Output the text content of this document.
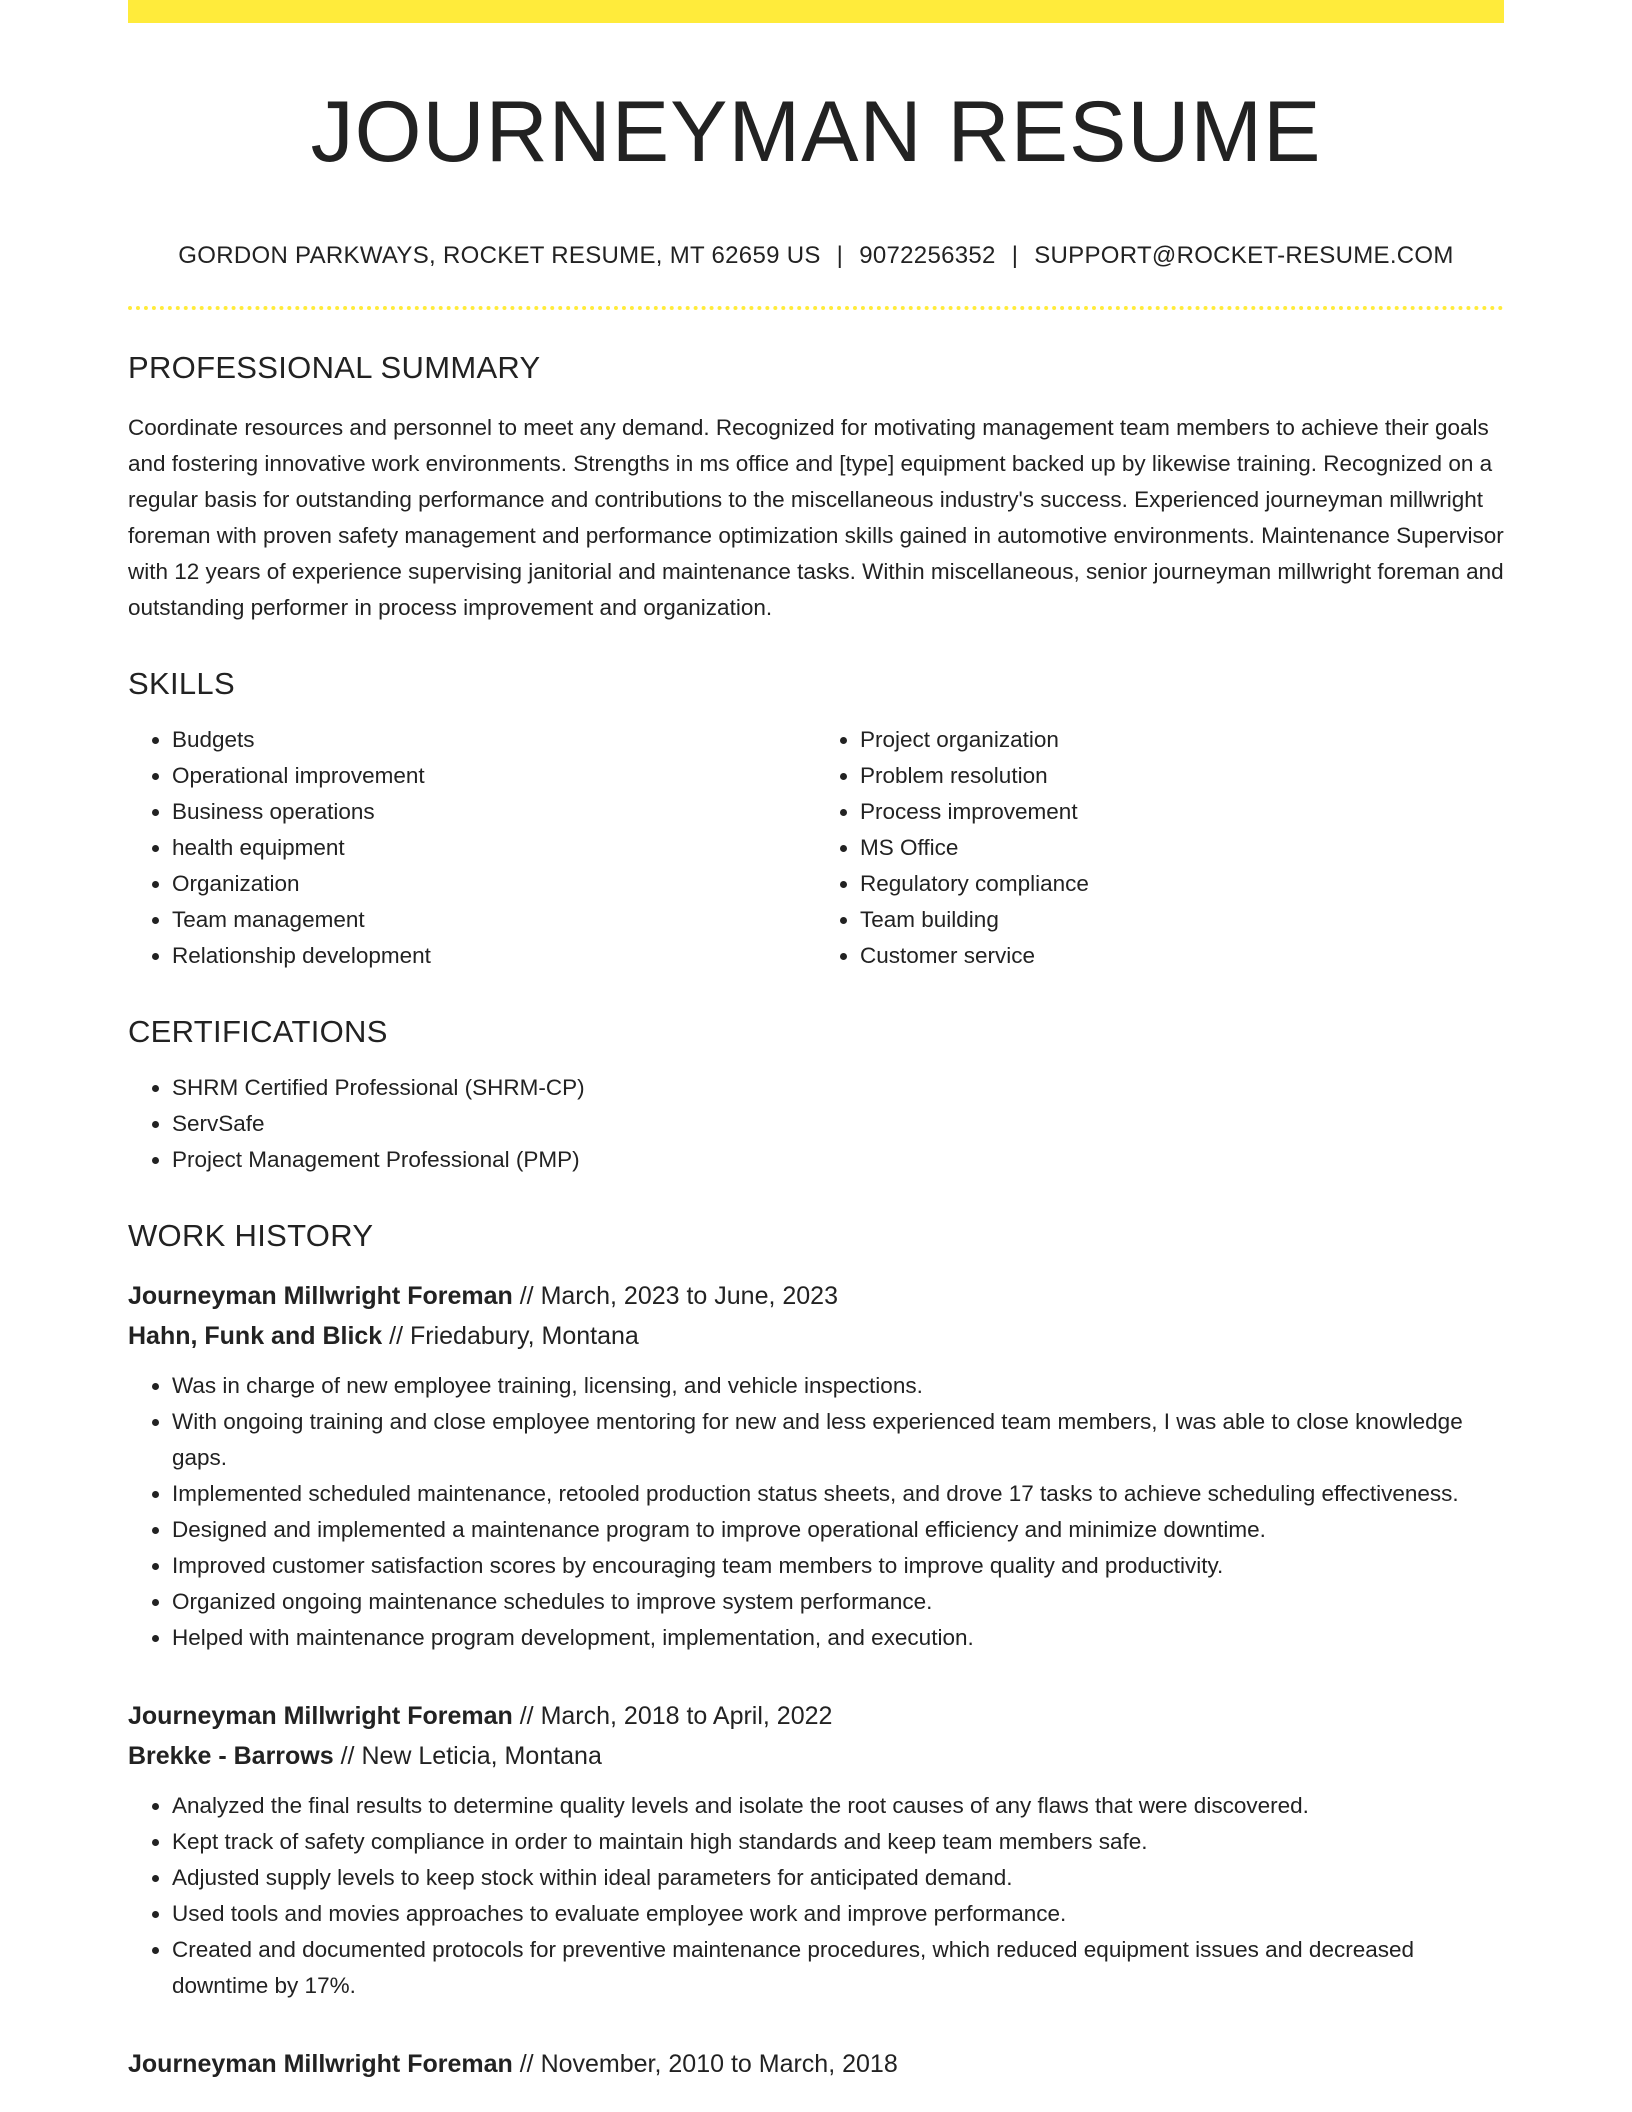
JOURNEYMAN RESUME
GORDON PARKWAYS, ROCKET RESUME, MT 62659 US | 9072256352 | SUPPORT@ROCKET-RESUME.COM
PROFESSIONAL SUMMARY

Coordinate resources and personnel to meet any demand. Recognized for motivating management team members to achieve their goals and fostering innovative work environments. Strengths in ms office and [type] equipment backed up by likewise training. Recognized on a regular basis for outstanding performance and contributions to the miscellaneous industry's success. Experienced journeyman millwright foreman with proven safety management and performance optimization skills gained in automotive environments. Maintenance Supervisor with 12 years of experience supervising janitorial and maintenance tasks. Within miscellaneous, senior journeyman millwright foreman and outstanding performer in process improvement and organization.

SKILLS
• Budgets
• Operational improvement
• Business operations
• health equipment
• Organization
• Team management
• Relationship development
• Project organization
• Problem resolution
• Process improvement
• MS Office
• Regulatory compliance
• Team building
• Customer service
CERTIFICATIONS
• SHRM Certified Professional (SHRM-CP)
• ServSafe
• Project Management Professional (PMP)
WORK HISTORY
Journeyman Millwright Foreman // March, 2023 to June, 2023
Hahn, Funk and Blick // Friedabury, Montana
• Was in charge of new employee training, licensing, and vehicle inspections.
• With ongoing training and close employee mentoring for new and less experienced team members, I was able to close knowledge gaps.
• Implemented scheduled maintenance, retooled production status sheets, and drove 17 tasks to achieve scheduling effectiveness.
• Designed and implemented a maintenance program to improve operational efficiency and minimize downtime.
• Improved customer satisfaction scores by encouraging team members to improve quality and productivity.
• Organized ongoing maintenance schedules to improve system performance.
• Helped with maintenance program development, implementation, and execution.
Journeyman Millwright Foreman // March, 2018 to April, 2022
Brekke - Barrows // New Leticia, Montana
• Analyzed the final results to determine quality levels and isolate the root causes of any flaws that were discovered.
• Kept track of safety compliance in order to maintain high standards and keep team members safe.
• Adjusted supply levels to keep stock within ideal parameters for anticipated demand.
• Used tools and movies approaches to evaluate employee work and improve performance.
• Created and documented protocols for preventive maintenance procedures, which reduced equipment issues and decreased downtime by 17%.
Journeyman Millwright Foreman // November, 2010 to March, 2018
